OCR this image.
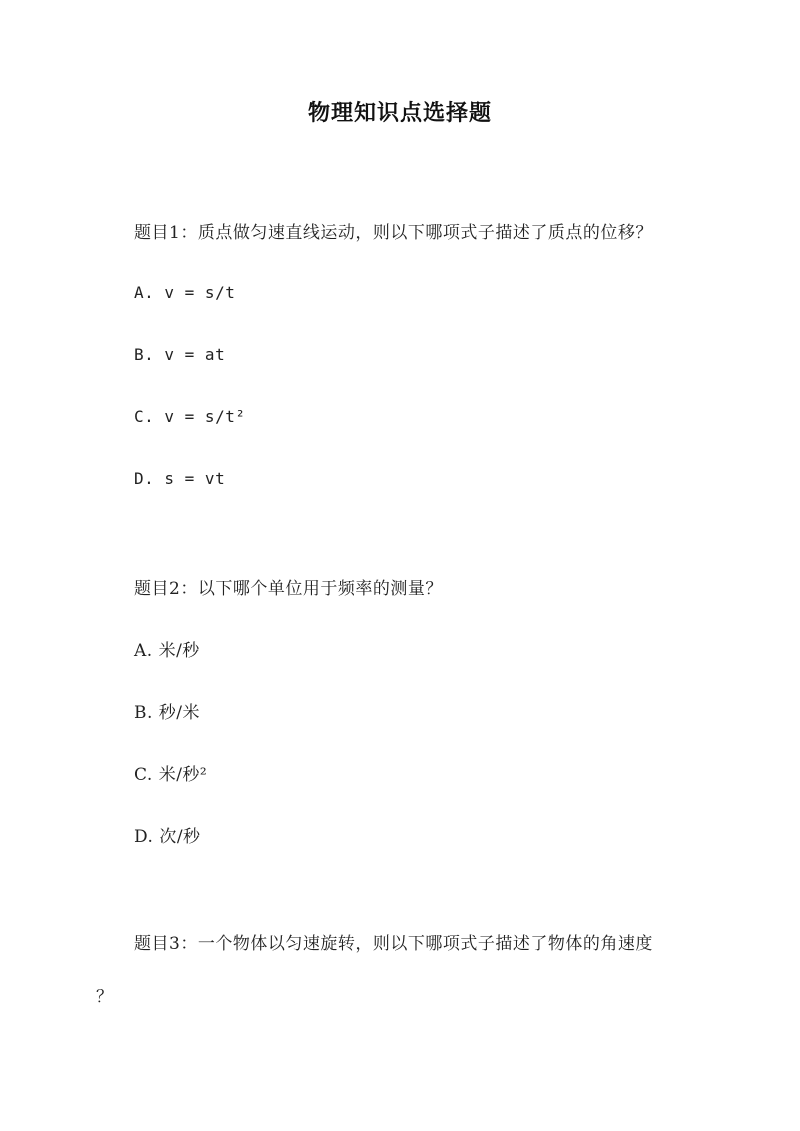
物理知识点选择题
题目1：质点做匀速直线运动，则以下哪项式子描述了质点的位移？
A. v = s/t
B. v = at
C. v = s/t²
D. s = vt
题目2：以下哪个单位用于频率的测量？
A. 米/秒
B. 秒/米
C. 米/秒²
D. 次/秒
题目3：一个物体以匀速旋转，则以下哪项式子描述了物体的角速度
？
